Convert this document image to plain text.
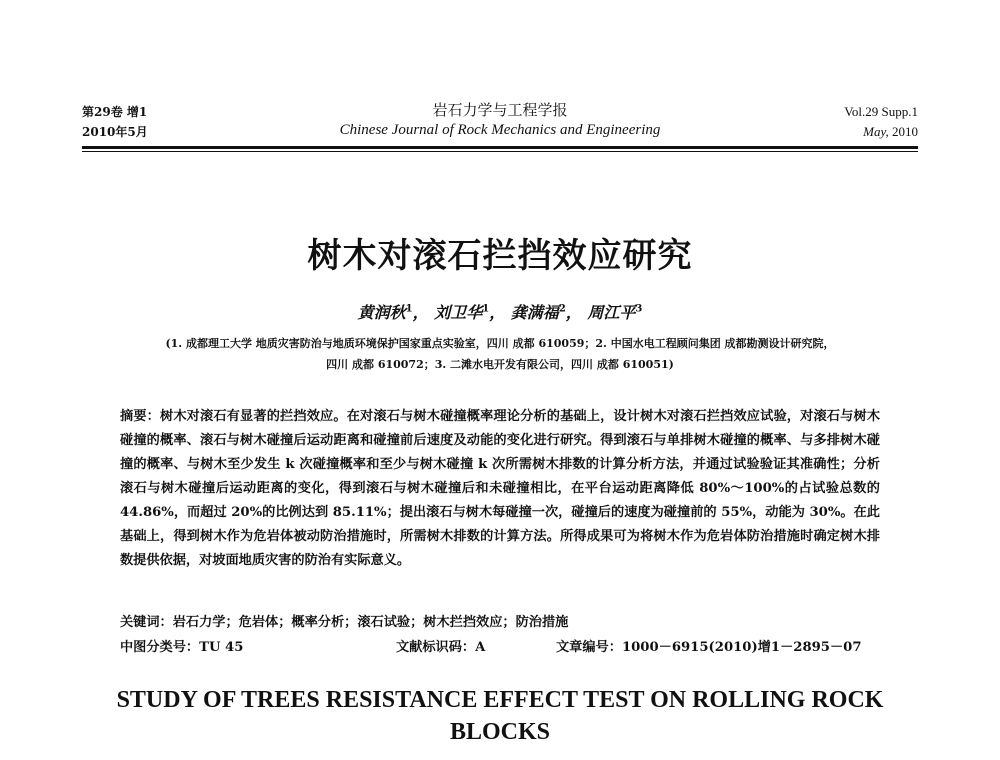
第29卷 增1
2010年5月
岩石力学与工程学报
Chinese Journal of Rock Mechanics and Engineering
Vol.29 Supp.1
May, 2010
树木对滚石拦挡效应研究
黄润秋$^1$， 刘卫华$^1$， 龚满福$^2$， 周江平$^3$
(1. 成都理工大学 地质灾害防治与地质环境保护国家重点实验室，四川 成都 610059；2. 中国水电工程顾问集团 成都勘测设计研究院，
四川 成都 610072；3. 二滩水电开发有限公司，四川 成都 610051)
摘要：树木对滚石有显著的拦挡效应。在对滚石与树木碰撞概率理论分析的基础上，设计树木对滚石拦挡效应试验，对滚石与树木碰撞的概率、滚石与树木碰撞后运动距离和碰撞前后速度及动能的变化进行研究。得到滚石与单排树木碰撞的概率、与多排树木碰撞的概率、与树木至少发生 k 次碰撞概率和至少与树木碰撞 k 次所需树木排数的计算分析方法，并通过试验验证其准确性；分析滚石与树木碰撞后运动距离的变化，得到滚石与树木碰撞后和未碰撞相比，在平台运动距离降低 80%～100%的占试验总数的 44.86%，而超过 20%的比例达到 85.11%；提出滚石与树木每碰撞一次，碰撞后的速度为碰撞前的 55%，动能为 30%。在此基础上，得到树木作为危岩体被动防治措施时，所需树木排数的计算方法。所得成果可为将树木作为危岩体防治措施时确定树木排数提供依据，对坡面地质灾害的防治有实际意义。
关键词：岩石力学；危岩体；概率分析；滚石试验；树木拦挡效应；防治措施
中图分类号：TU 45	文献标识码：A	文章编号：1000－6915(2010)增1－2895－07
STUDY OF TREES RESISTANCE EFFECT TEST ON ROLLING ROCK BLOCKS
